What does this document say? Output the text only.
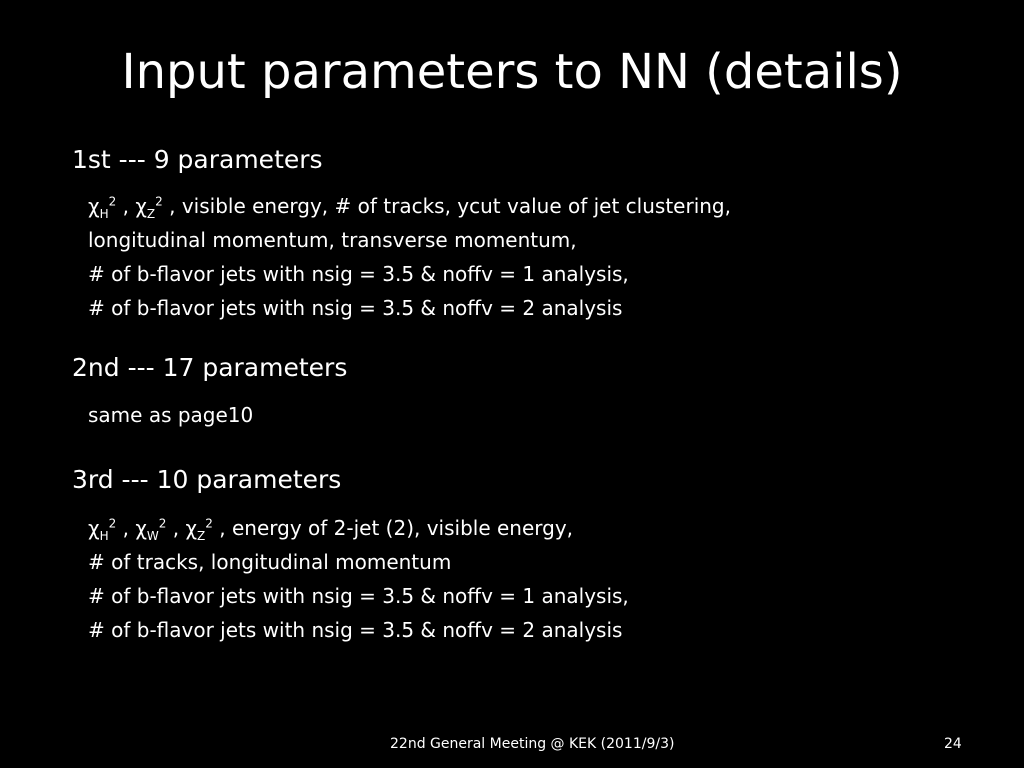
Input parameters to NN (details)
1st --- 9 parameters
$\chi_H^2$ , $\chi_Z^2$ , visible energy, # of tracks, ycut value of jet clustering,
longitudinal momentum, transverse momentum,
# of b-flavor jets with nsig = 3.5 & noffv = 1 analysis,
# of b-flavor jets with nsig = 3.5 & noffv = 2 analysis
2nd --- 17 parameters
same as page10
3rd --- 10 parameters
$\chi_H^2$ , $\chi_W^2$ , $\chi_Z^2$ , energy of 2-jet (2), visible energy,
# of tracks, longitudinal momentum
# of b-flavor jets with nsig = 3.5 & noffv = 1 analysis,
# of b-flavor jets with nsig = 3.5 & noffv = 2 analysis
22nd General Meeting @ KEK (2011/9/3)	24
